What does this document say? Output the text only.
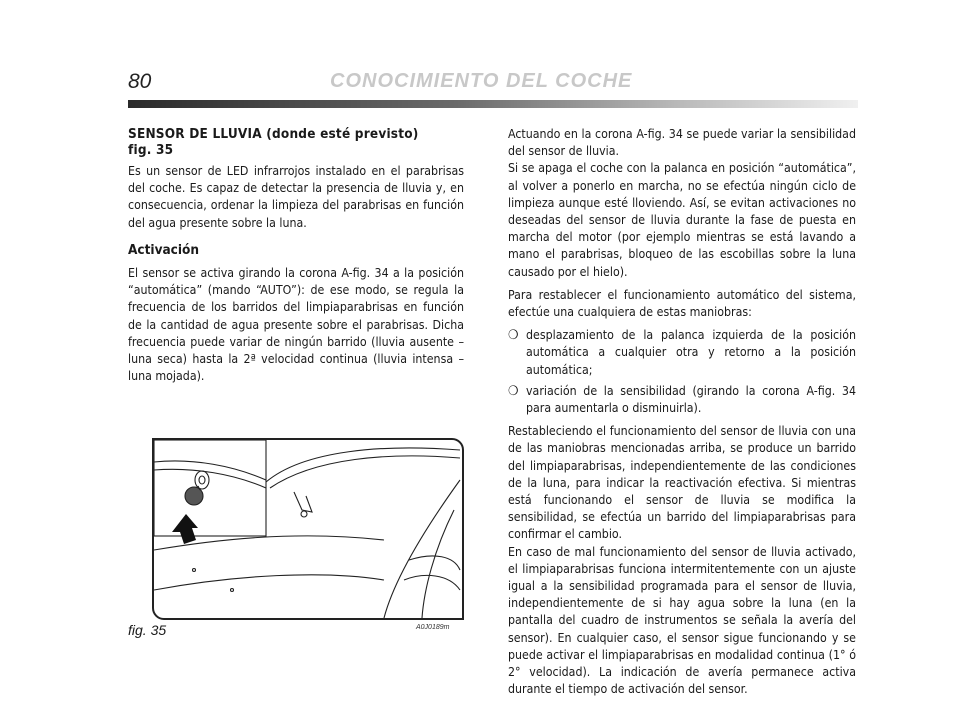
80	CONOCIMIENTO DEL COCHE
SENSOR DE LLUVIA (donde esté previsto)
fig. 35

Es un sensor de LED infrarrojos instalado en el parabrisas del coche. Es capaz de detectar la presencia de lluvia y, en consecuencia, ordenar la limpieza del parabrisas en función del agua presente sobre la luna.

Activación

El sensor se activa girando la corona A-fig. 34 a la posición “automática” (mando “AUTO”): de ese modo, se regula la frecuencia de los barridos del limpiaparabrisas en función de la cantidad de agua presente sobre el parabrisas. Dicha frecuencia puede variar de ningún barrido (lluvia ausente – luna seca) hasta la 2ª velocidad continua (lluvia intensa – luna mojada).

fig. 35	A0J0189m

Actuando en la corona A-fig. 34 se puede variar la sensibilidad del sensor de lluvia.
Si se apaga el coche con la palanca en posición “automática”, al volver a ponerlo en marcha, no se efectúa ningún ciclo de limpieza aunque esté lloviendo. Así, se evitan activaciones no deseadas del sensor de lluvia durante la fase de puesta en marcha del motor (por ejemplo mientras se está lavando a mano el parabrisas, bloqueo de las escobillas sobre la luna causado por el hielo).

Para restablecer el funcionamiento automático del sistema, efectúe una cualquiera de estas maniobras:

❍ desplazamiento de la palanca izquierda de la posición automática a cualquier otra y retorno a la posición automática;
❍ variación de la sensibilidad (girando la corona A-fig. 34 para aumentarla o disminuirla).

Restableciendo el funcionamiento del sensor de lluvia con una de las maniobras mencionadas arriba, se produce un barrido del limpiaparabrisas, independientemente de las condiciones de la luna, para indicar la reactivación efectiva. Si mientras está funcionando el sensor de lluvia se modifica la sensibilidad, se efectúa un barrido del limpiaparabrisas para confirmar el cambio.
En caso de mal funcionamiento del sensor de lluvia activado, el limpiaparabrisas funciona intermitentemente con un ajuste igual a la sensibilidad programada para el sensor de lluvia, independientemente de si hay agua sobre la luna (en la pantalla del cuadro de instrumentos se señala la avería del sensor). En cualquier caso, el sensor sigue funcionando y se puede activar el limpiaparabrisas en modalidad continua (1° ó 2° velocidad). La indicación de avería permanece activa durante el tiempo de activación del sensor.
